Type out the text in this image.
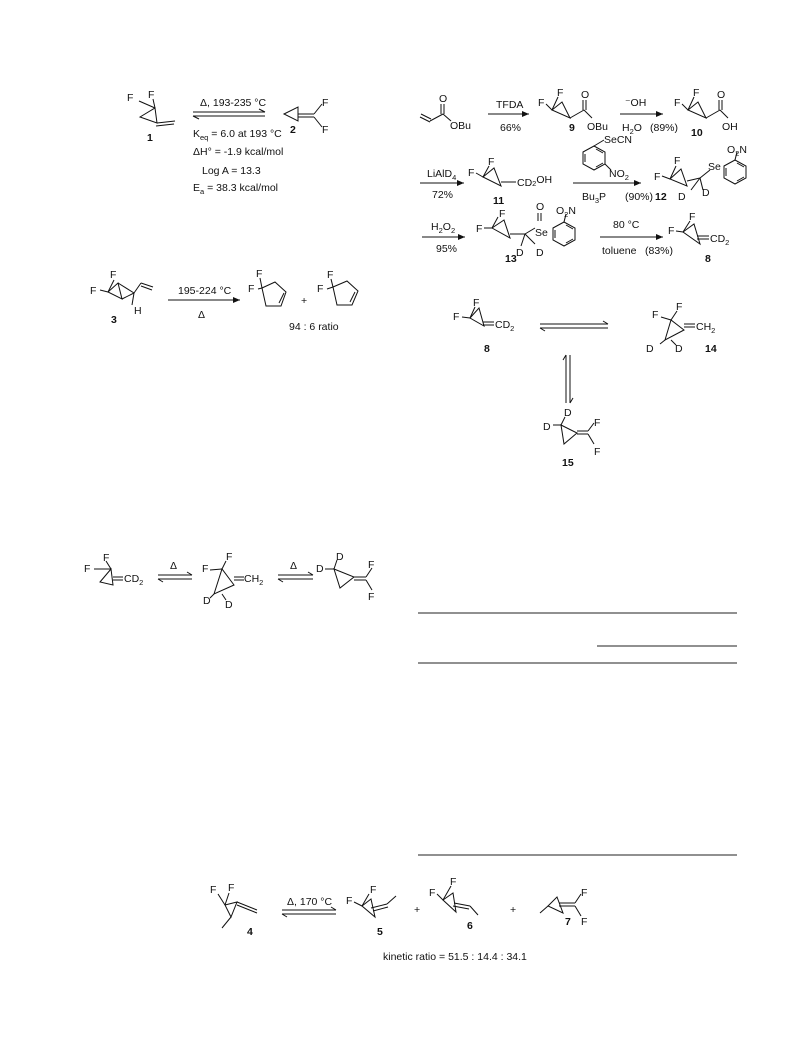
F F
1
Δ, 193-235 °C	F
F
2
$K_{eq} = 6.0$ at 193 °C
ΔH° = -1.9 kcal/mol
Log A = 13.3
$E_a = 38.3$ kcal/mol
F
F
H
3
195-224 °C
Δ
F
F
+
F
F
94 : 6 ratio
F
F
$CD_2$
Δ F
F
D D
$CH_2$
Δ D
D
F
F
O
OBu
TFDA
66%
F
F O
OBu
9
⁻OH
$H_2O$ (89%)
F
F O
OH
10
LiAlD$_4$
72%
F
F
CD2OH
11
SeCN
$NO_2$
$Bu_3P$ (90%)
F
F	Se
D
D
$O_2N$
12
$H_2O_2$
95%
F
F
O
Se
D
D
$O_2N$
13
80 °C
toluene (83%)
F
F
$CD_2$
8
F
F
$CD_2$
8
F
F
D D
$CH_2$
14
D
D
F
F
15
F F
4
Δ, 170 °C F
F
5
+
F
F
6
+
F
F
7
kinetic ratio = 51.5 : 14.4 : 34.1
